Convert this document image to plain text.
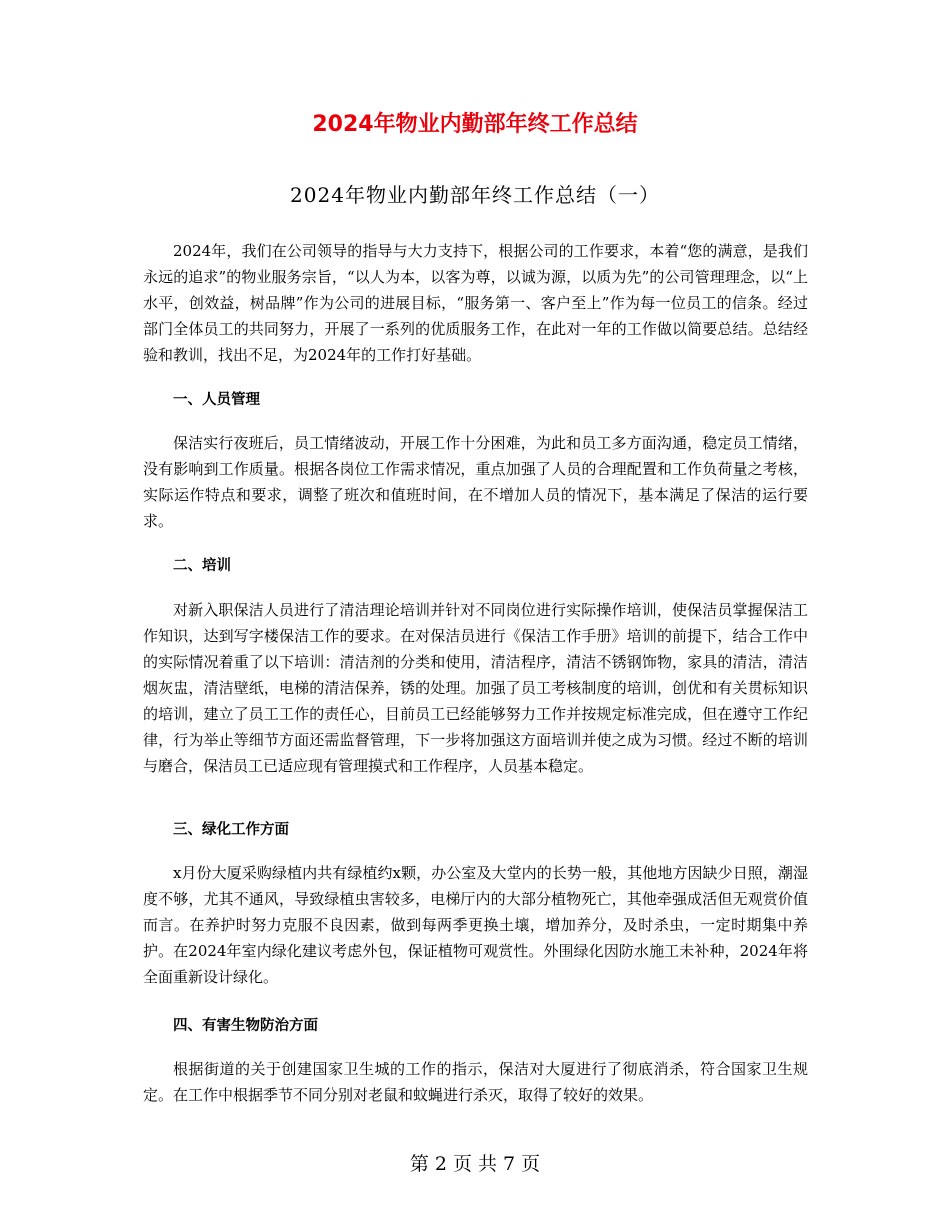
2024年物业内勤部年终工作总结
2024年物业内勤部年终工作总结（一）

2024年，我们在公司领导的指导与大力支持下，根据公司的工作要求，本着“您的满意，是我们永远的追求”的物业服务宗旨，“以人为本，以客为尊，以诚为源，以质为先”的公司管理理念，以“上水平，创效益，树品牌”作为公司的进展目标，“服务第一、客户至上”作为每一位员工的信条。经过部门全体员工的共同努力，开展了一系列的优质服务工作，在此对一年的工作做以简要总结。总结经验和教训，找出不足，为2024年的工作打好基础。

一、人员管理

保洁实行夜班后，员工情绪波动，开展工作十分困难，为此和员工多方面沟通，稳定员工情绪，没有影响到工作质量。根据各岗位工作需求情况，重点加强了人员的合理配置和工作负荷量之考核，实际运作特点和要求，调整了班次和值班时间，在不增加人员的情况下，基本满足了保洁的运行要求。

二、培训

对新入职保洁人员进行了清洁理论培训并针对不同岗位进行实际操作培训，使保洁员掌握保洁工作知识，达到写字楼保洁工作的要求。在对保洁员进行《保洁工作手册》培训的前提下，结合工作中的实际情况着重了以下培训：清洁剂的分类和使用，清洁程序，清洁不锈钢饰物，家具的清洁，清洁烟灰盅，清洁壁纸，电梯的清洁保养，锈的处理。加强了员工考核制度的培训，创优和有关贯标知识的培训，建立了员工工作的责任心，目前员工已经能够努力工作并按规定标准完成，但在遵守工作纪律，行为举止等细节方面还需监督管理，下一步将加强这方面培训并使之成为习惯。经过不断的培训与磨合，保洁员工已适应现有管理摸式和工作程序，人员基本稳定。

三、绿化工作方面

x月份大厦采购绿植内共有绿植约x颗，办公室及大堂内的长势一般，其他地方因缺少日照，潮湿度不够，尤其不通风，导致绿植虫害较多，电梯厅内的大部分植物死亡，其他牵强成活但无观赏价值而言。在养护时努力克服不良因素，做到每两季更换土壤，增加养分，及时杀虫，一定时期集中养护。在2024年室内绿化建议考虑外包，保证植物可观赏性。外围绿化因防水施工未补种，2024年将全面重新设计绿化。

四、有害生物防治方面

根据街道的关于创建国家卫生城的工作的指示，保洁对大厦进行了彻底消杀，符合国家卫生规定。在工作中根据季节不同分别对老鼠和蚊蝇进行杀灭，取得了较好的效果。

第 2 页 共 7 页
